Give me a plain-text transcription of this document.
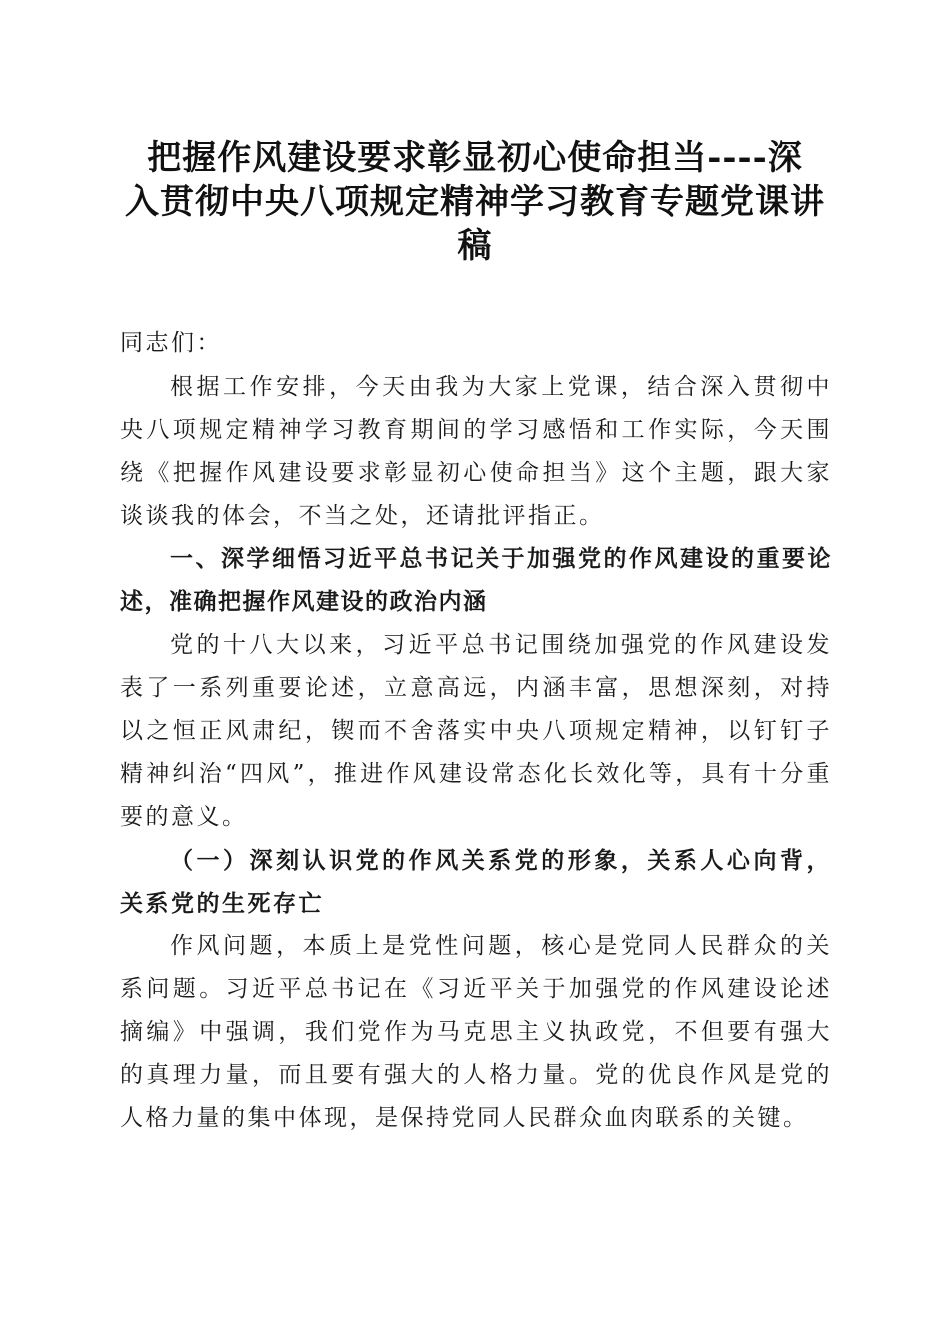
把握作风建设要求彰显初心使命担当----深
入贯彻中央八项规定精神学习教育专题党课讲
稿

同志们：

根据工作安排，今天由我为大家上党课，结合深入贯彻中央八项规定精神学习教育期间的学习感悟和工作实际，今天围绕《把握作风建设要求彰显初心使命担当》这个主题，跟大家谈谈我的体会，不当之处，还请批评指正。

一、深学细悟习近平总书记关于加强党的作风建设的重要论述，准确把握作风建设的政治内涵

党的十八大以来，习近平总书记围绕加强党的作风建设发表了一系列重要论述，立意高远，内涵丰富，思想深刻，对持以之恒正风肃纪，锲而不舍落实中央八项规定精神，以钉钉子精神纠治“四风”，推进作风建设常态化长效化等，具有十分重要的意义。

（一）深刻认识党的作风关系党的形象，关系人心向背，关系党的生死存亡

作风问题，本质上是党性问题，核心是党同人民群众的关系问题。习近平总书记在《习近平关于加强党的作风建设论述摘编》中强调，我们党作为马克思主义执政党，不但要有强大的真理力量，而且要有强大的人格力量。党的优良作风是党的人格力量的集中体现，是保持党同人民群众血肉联系的关键。
